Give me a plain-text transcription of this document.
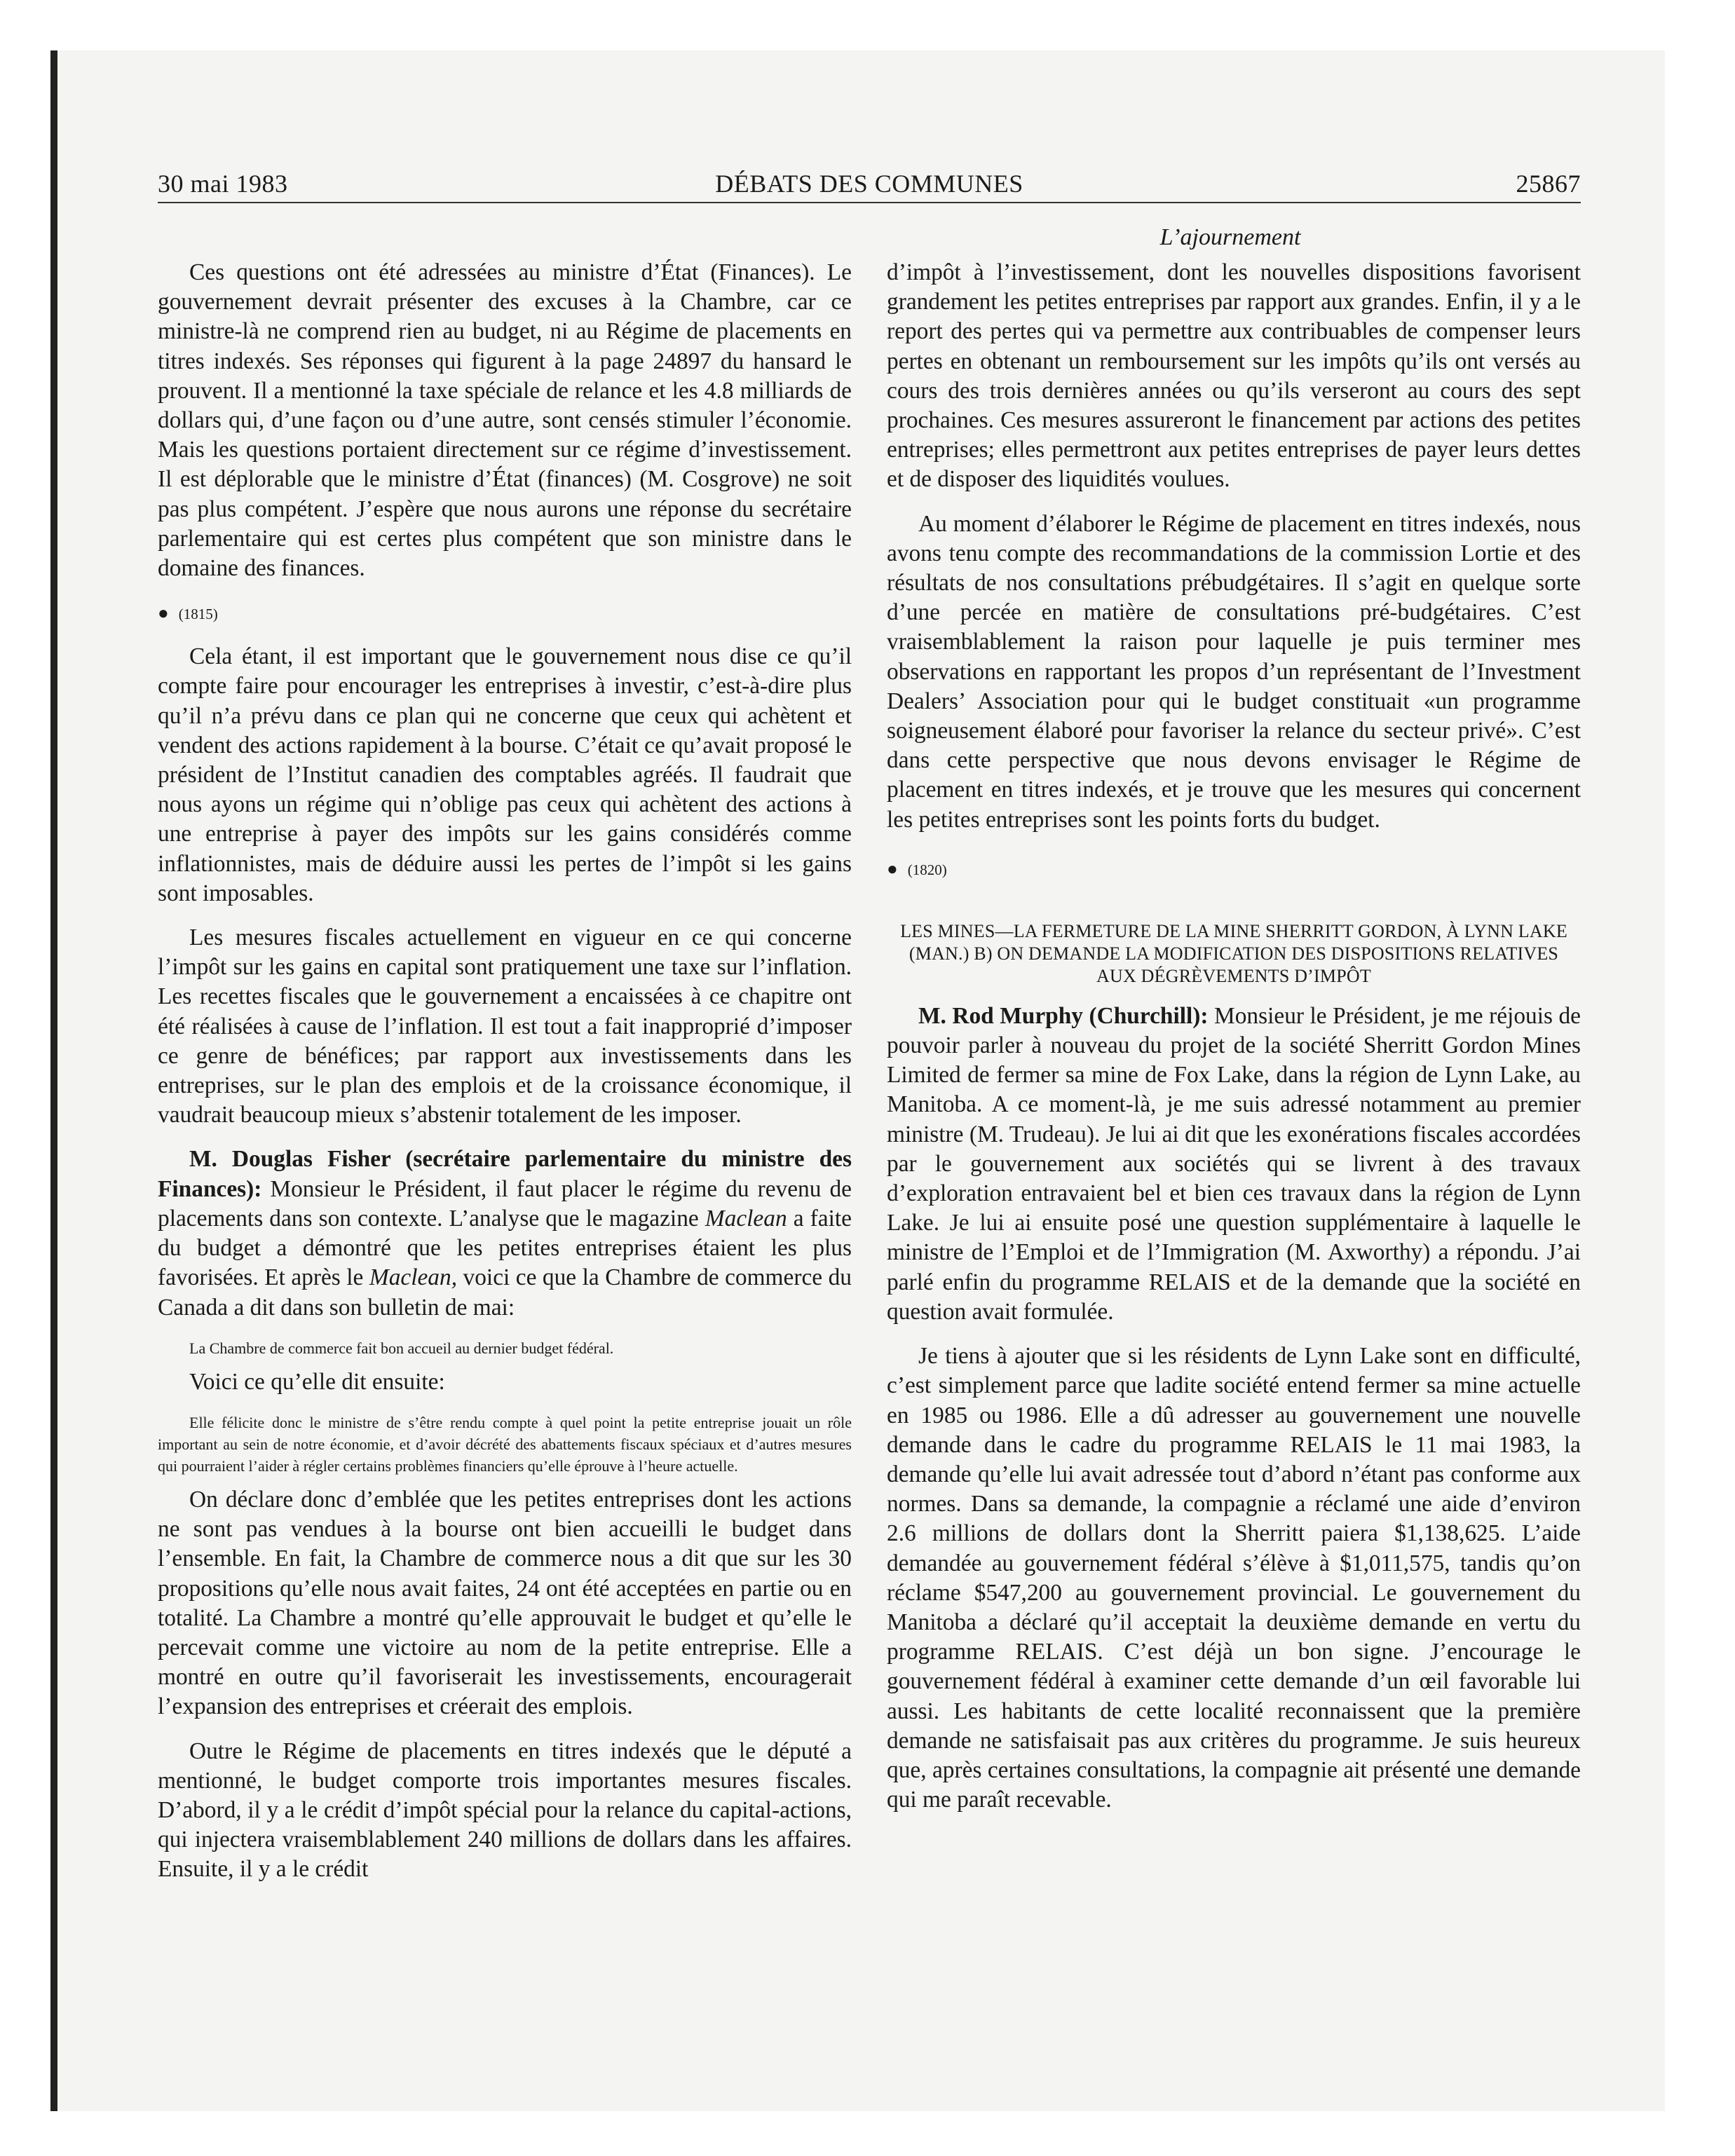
30 mai 1983	DÉBATS DES COMMUNES	25867
L’ajournement

Ces questions ont été adressées au ministre d’État (Finances). Le gouvernement devrait présenter des excuses à la Chambre, car ce ministre-là ne comprend rien au budget, ni au Régime de placements en titres indexés. Ses réponses qui figurent à la page 24897 du hansard le prouvent. Il a mentionné la taxe spéciale de relance et les 4.8 milliards de dollars qui, d’une façon ou d’une autre, sont censés stimuler l’économie. Mais les questions portaient directement sur ce régime d’investissement. Il est déplorable que le ministre d’État (finances) (M. Cosgrove) ne soit pas plus compétent. J’espère que nous aurons une réponse du secrétaire parlementaire qui est certes plus compétent que son ministre dans le domaine des finances.

● (1815)

Cela étant, il est important que le gouvernement nous dise ce qu’il compte faire pour encourager les entreprises à investir, c’est-à-dire plus qu’il n’a prévu dans ce plan qui ne concerne que ceux qui achètent et vendent des actions rapidement à la bourse. C’était ce qu’avait proposé le président de l’Institut canadien des comptables agréés. Il faudrait que nous ayons un régime qui n’oblige pas ceux qui achètent des actions à une entreprise à payer des impôts sur les gains considérés comme inflationnistes, mais de déduire aussi les pertes de l’impôt si les gains sont imposables.

Les mesures fiscales actuellement en vigueur en ce qui concerne l’impôt sur les gains en capital sont pratiquement une taxe sur l’inflation. Les recettes fiscales que le gouvernement a encaissées à ce chapitre ont été réalisées à cause de l’inflation. Il est tout a fait inapproprié d’imposer ce genre de bénéfices; par rapport aux investissements dans les entreprises, sur le plan des emplois et de la croissance économique, il vaudrait beaucoup mieux s’abstenir totalement de les imposer.

M. Douglas Fisher (secrétaire parlementaire du ministre des Finances): Monsieur le Président, il faut placer le régime du revenu de placements dans son contexte. L’analyse que le magazine Maclean a faite du budget a démontré que les petites entreprises étaient les plus favorisées. Et après le Maclean, voici ce que la Chambre de commerce du Canada a dit dans son bulletin de mai:

La Chambre de commerce fait bon accueil au dernier budget fédéral.

Voici ce qu’elle dit ensuite:

Elle félicite donc le ministre de s’être rendu compte à quel point la petite entreprise jouait un rôle important au sein de notre économie, et d’avoir décrété des abattements fiscaux spéciaux et d’autres mesures qui pourraient l’aider à régler certains problèmes financiers qu’elle éprouve à l’heure actuelle.

On déclare donc d’emblée que les petites entreprises dont les actions ne sont pas vendues à la bourse ont bien accueilli le budget dans l’ensemble. En fait, la Chambre de commerce nous a dit que sur les 30 propositions qu’elle nous avait faites, 24 ont été acceptées en partie ou en totalité. La Chambre a montré qu’elle approuvait le budget et qu’elle le percevait comme une victoire au nom de la petite entreprise. Elle a montré en outre qu’il favoriserait les investissements, encouragerait l’expansion des entreprises et créerait des emplois.

Outre le Régime de placements en titres indexés que le député a mentionné, le budget comporte trois importantes mesures fiscales. D’abord, il y a le crédit d’impôt spécial pour la relance du capital-actions, qui injectera vraisemblablement 240 millions de dollars dans les affaires. Ensuite, il y a le crédit

d’impôt à l’investissement, dont les nouvelles dispositions favorisent grandement les petites entreprises par rapport aux grandes. Enfin, il y a le report des pertes qui va permettre aux contribuables de compenser leurs pertes en obtenant un remboursement sur les impôts qu’ils ont versés au cours des trois dernières années ou qu’ils verseront au cours des sept prochaines. Ces mesures assureront le financement par actions des petites entreprises; elles permettront aux petites entreprises de payer leurs dettes et de disposer des liquidités voulues.

Au moment d’élaborer le Régime de placement en titres indexés, nous avons tenu compte des recommandations de la commission Lortie et des résultats de nos consultations prébudgétaires. Il s’agit en quelque sorte d’une percée en matière de consultations pré-budgétaires. C’est vraisemblablement la raison pour laquelle je puis terminer mes observations en rapportant les propos d’un représentant de l’Investment Dealers’ Association pour qui le budget constituait «un programme soigneusement élaboré pour favoriser la relance du secteur privé». C’est dans cette perspective que nous devons envisager le Régime de placement en titres indexés, et je trouve que les mesures qui concernent les petites entreprises sont les points forts du budget.

● (1820)
LES MINES—LA FERMETURE DE LA MINE SHERRITT GORDON, À LYNN LAKE (MAN.) B) ON DEMANDE LA MODIFICATION DES DISPOSITIONS RELATIVES AUX DÉGRÈVEMENTS D’IMPÔT

M. Rod Murphy (Churchill): Monsieur le Président, je me réjouis de pouvoir parler à nouveau du projet de la société Sherritt Gordon Mines Limited de fermer sa mine de Fox Lake, dans la région de Lynn Lake, au Manitoba. A ce moment-là, je me suis adressé notamment au premier ministre (M. Trudeau). Je lui ai dit que les exonérations fiscales accordées par le gouvernement aux sociétés qui se livrent à des travaux d’exploration entravaient bel et bien ces travaux dans la région de Lynn Lake. Je lui ai ensuite posé une question supplémentaire à laquelle le ministre de l’Emploi et de l’Immigration (M. Axworthy) a répondu. J’ai parlé enfin du programme RELAIS et de la demande que la société en question avait formulée.

Je tiens à ajouter que si les résidents de Lynn Lake sont en difficulté, c’est simplement parce que ladite société entend fermer sa mine actuelle en 1985 ou 1986. Elle a dû adresser au gouvernement une nouvelle demande dans le cadre du programme RELAIS le 11 mai 1983, la demande qu’elle lui avait adressée tout d’abord n’étant pas conforme aux normes. Dans sa demande, la compagnie a réclamé une aide d’environ 2.6 millions de dollars dont la Sherritt paiera $1,138,625. L’aide demandée au gouvernement fédéral s’élève à $1,011,575, tandis qu’on réclame $547,200 au gouvernement provincial. Le gouvernement du Manitoba a déclaré qu’il acceptait la deuxième demande en vertu du programme RELAIS. C’est déjà un bon signe. J’encourage le gouvernement fédéral à examiner cette demande d’un œil favorable lui aussi. Les habitants de cette localité reconnaissent que la première demande ne satisfaisait pas aux critères du programme. Je suis heureux que, après certaines consultations, la compagnie ait présenté une demande qui me paraît recevable.
